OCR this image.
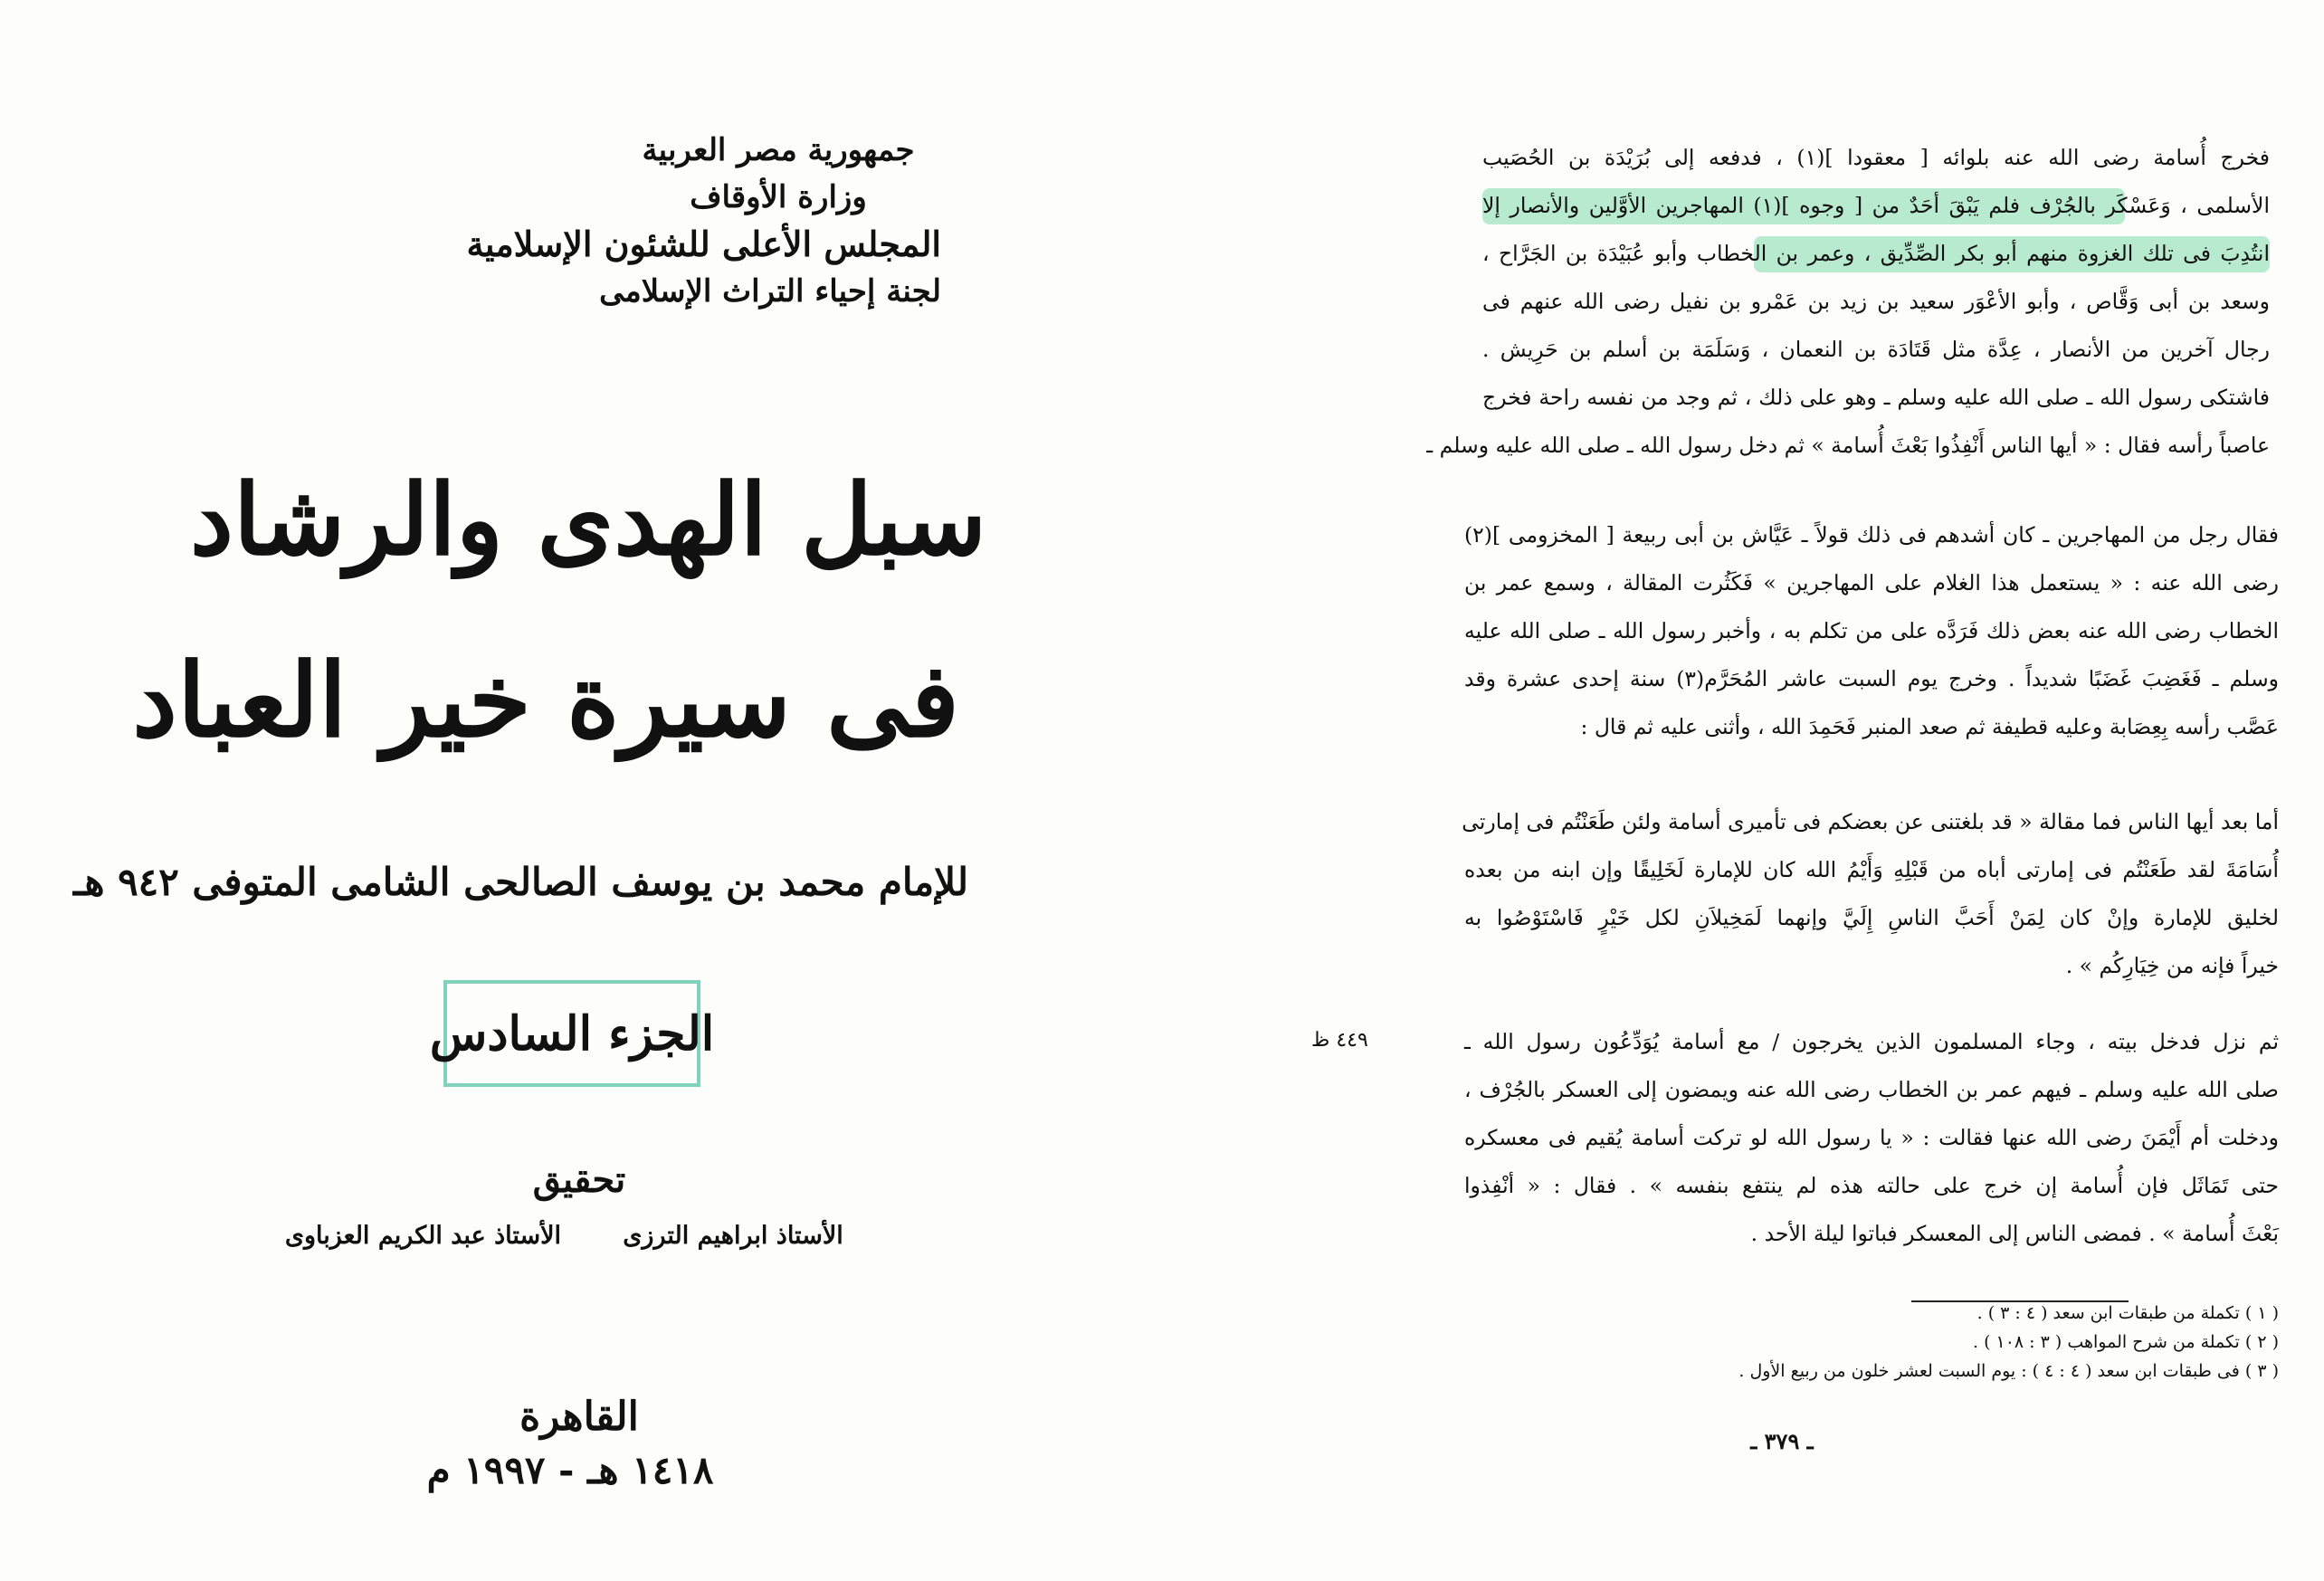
جمهورية مصر العربية
وزارة الأوقاف
المجلس الأعلى للشئون الإسلامية
لجنة إحياء التراث الإسلامى
سبل الهدى والرشاد
فى سيرة خير العباد
للإمام محمد بن يوسف الصالحى الشامى المتوفى ٩٤٢ هـ
الجزء السادس
تحقيق
الأستاذ ابراهيم الترزى
الأستاذ عبد الكريم العزباوى
القاهرة
١٤١٨ هـ - ١٩٩٧ م
فخرج أُسامة رضى الله عنه بلوائه [ معقودا ](١) ، فدفعه إلى بُرَيْدَة بن الحُصَيب
الأسلمى ، وَعَسْكَر بالجُرْف فلم يَبْقَ أحَدٌ من [ وجوه ](١) المهاجرين الأوَّلين والأنصار إلا
انتُدِبَ فى تلك الغزوة منهم أبو بكر الصِّدِّيق ، وعمر بن الخطاب وأبو عُبَيْدَة بن الجَرَّاح ،
وسعد بن أبى وَقَّاص ، وأبو الأعْوَر سعيد بن زيد بن عَمْرو بن نفيل رضى الله عنهم فى
رجال آخرين من الأنصار ، عِدَّة مثل قَتَادَة بن النعمان ، وَسَلَمَة بن أسلم بن حَرِيش .
فاشتكى رسول الله ـ صلى الله عليه وسلم ـ وهو على ذلك ، ثم وجد من نفسه راحة فخرج
عاصباً رأسه فقال : « أيها الناس أَنْفِذُوا بَعْثَ أُسامة » ثم دخل رسول الله ـ صلى الله عليه وسلم ـ
فقال رجل من المهاجرين ـ كان أشدهم فى ذلك قولاً ـ عَيَّاش بن أبى ربيعة [ المخزومى ](٢)
رضى الله عنه : « يستعمل هذا الغلام على المهاجرين » فَكَثُرت المقالة ، وسمع عمر بن
الخطاب رضى الله عنه بعض ذلك فَرَدَّه على من تكلم به ، وأخبر رسول الله ـ صلى الله عليه
وسلم ـ فَغَضِبَ غَضَبًا شديداً . وخرج يوم السبت عاشر المُحَرَّم(٣) سنة إحدى عشرة وقد
عَصَّب رأسه بِعِصَابة وعليه قطيفة ثم صعد المنبر فَحَمِدَ الله ، وأثنى عليه ثم قال :
أما بعد أيها الناس فما مقالة « قد بلغتنى عن بعضكم فى تأميرى أسامة ولئن طَعَنْتُم فى إمارتى
أُسَامَةَ لقد طَعَنْتُم فى إمارتى أباه من قَبْلِهِ وَأَيْمُ الله كان للإمارة لَخَلِيقًا وإن ابنه من بعده
لخليق للإمارة وإنْ كان لِمَنْ أَحَبَّ الناسِ إِلَيَّ وإنهما لَمَخِيلاَنِ لكل خَيْرٍ فَاسْتَوْصُوا به
خيراً فإنه من خِيَارِكُم » .
٤٤٩ ظ	ثم نزل فدخل بيته ، وجاء المسلمون الذين يخرجون / مع أسامة يُوَدِّعُون رسول الله ـ
صلى الله عليه وسلم ـ فيهم عمر بن الخطاب رضى الله عنه ويمضون إلى العسكر بالجُرْف ،
ودخلت أم أَيْمَنَ رضى الله عنها فقالت : « يا رسول الله لو تركت أسامة يُقيم فى معسكره
حتى تَمَاثَل فإن أُسامة إن خرج على حالته هذه لم ينتفع بنفسه » . فقال : « أنْفِذوا
بَعْثَ أُسامة » . فمضى الناس إلى المعسكر فباتوا ليلة الأحد .
( ١ ) تكملة من طبقات ابن سعد ( ٤ : ٣ ) .
( ٢ ) تكملة من شرح المواهب ( ٣ : ١٠٨ ) .
( ٣ ) فى طبقات ابن سعد ( ٤ : ٤ ) : يوم السبت لعشر خلون من ربيع الأول .
ـ ٣٧٩ ـ
